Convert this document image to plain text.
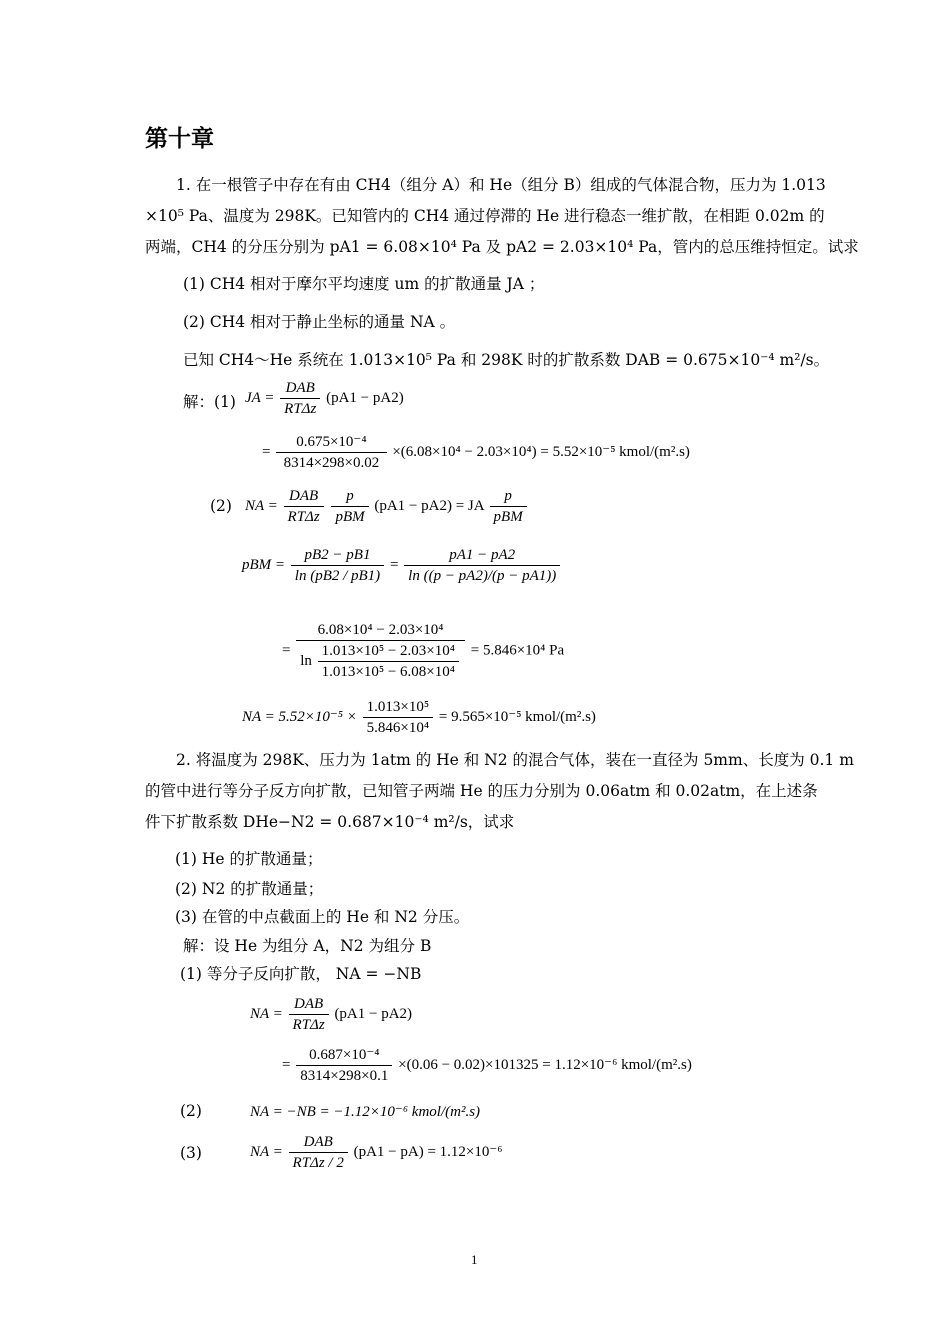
第十章
1. 在一根管子中存在有由 CH4（组分 A）和 He（组分 B）组成的气体混合物，压力为 1.013
×10⁵ Pa、温度为 298K。已知管内的 CH4 通过停滞的 He 进行稳态一维扩散，在相距 0.02m 的
两端，CH4 的分压分别为 pA1 = 6.08×10⁴ Pa 及 pA2 = 2.03×10⁴ Pa，管内的总压维持恒定。试求
(1) CH4 相对于摩尔平均速度 um 的扩散通量 JA ；
(2) CH4 相对于静止坐标的通量 NA 。
已知 CH4～He 系统在 1.013×10⁵ Pa 和 298K 时的扩散系数 DAB = 0.675×10⁻⁴ m²/s。
解：(1) JA = $\frac{\text{DAB}}{\text{RTΔz}} (pA1 - pA2)$
= $\frac{\text{0.675×10⁻⁴}}{8314\times 298\times 0.02} \times(6.08\times 10^4 - 2.03\times 10^4) = 5.52\times 10^{-5}$ kmol/(m².s)
(2) NA = $\frac{\text{DAB}}{\text{RTΔz}}$
$\frac{p}{\text{pBM}} (pA1 - pA2)$ = JA $\frac{p}{\text{pBM}}$
pBM = $\frac{pB2 - pB1}{\ln (pB2 / pB1)} = \frac{pA1 - pA2}{\ln ((p - pA2)/(p - pA1))}$
=
6.08×10⁴ − 2.03×10⁴
$\ln \frac{\text{1.013×10⁵ − 2.03×10⁴}}{\text{1.013×10⁵ − 6.08×10⁴}} = 5.846\times 10^4$ Pa
NA = $5.52\times 10^{-5} \times \frac{\text{1.013×10⁵}}{\text{5.846×10⁴}} = 9.565\times 10^{-5}$ kmol/(m².s)
2. 将温度为 298K、压力为 1atm 的 He 和 N2 的混合气体，装在一直径为 5mm、长度为 0.1 m
的管中进行等分子反方向扩散，已知管子两端 He 的压力分别为 0.06atm 和 0.02atm，在上述条
件下扩散系数 DHe−N2 = 0.687×10⁻⁴ m²/s，试求
(1) He 的扩散通量；
(2) N2 的扩散通量；
(3) 在管的中点截面上的 He 和 N2 分压。
解：设 He 为组分 A，N2 为组分 B
(1) 等分子反向扩散， NA = −NB
NA = $\frac{\text{DAB}}{\text{RTΔz}} (pA1 - pA2)$
= $\frac{\text{0.687×10⁻⁴}}{8314\times 298\times 0.1} \times(0.06 - 0.02)\times 101325 = 1.12\times 10^{-6}$ kmol/(m².s)
(2)	NA = −NB = −1.12×10⁻⁶ kmol/(m².s)
(3)	NA = $\frac{\text{DAB}}{\text{RTΔz / 2}} (pA1 - pA) = 1.12\times 10^{-6}$
1
